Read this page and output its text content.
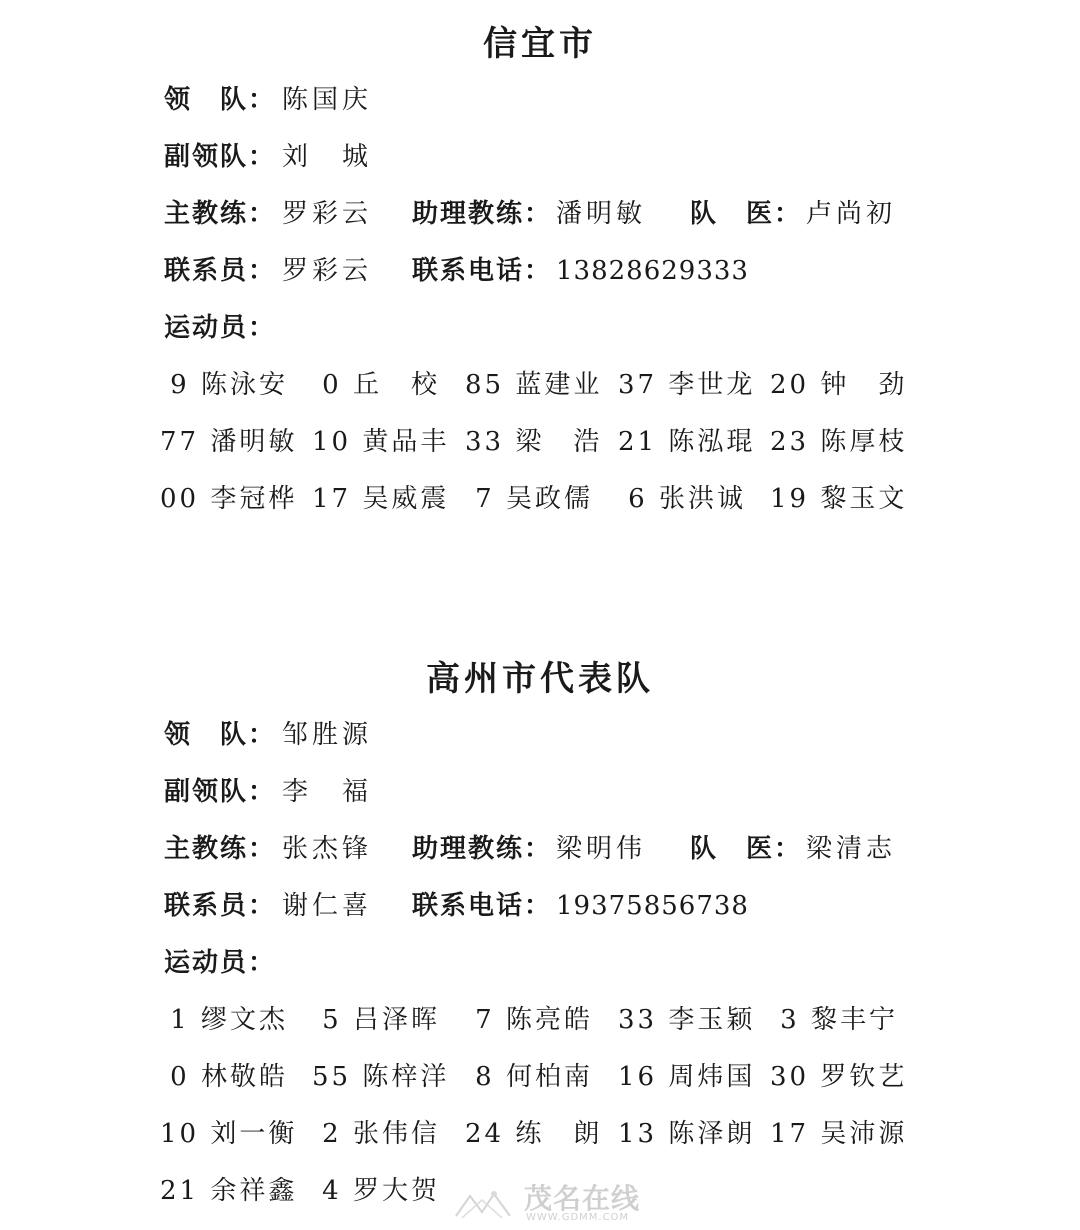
信宜市
领　队： 陈国庆
副领队： 刘　城
主教练： 罗彩云 助理教练： 潘明敏 队　医： 卢尚初
联系员： 罗彩云 联系电话： 13828629333
运动员：
9 陈泳安	0 丘　校 85 蓝建业 37 李世龙 20 钟　劲
77 潘明敏 10 黄品丰 33 梁　浩 21 陈泓琨 23 陈厚枝
00 李冠桦 17 吴威震 7 吴政儒	6 张洪诚 19 黎玉文
高州市代表队
领　队： 邹胜源
副领队： 李　福
主教练： 张杰锋 助理教练： 梁明伟 队　医： 梁清志
联系员： 谢仁喜 联系电话： 19375856738
运动员：
1 缪文杰	5 吕泽晖	7 陈亮皓 33 李玉颖 3 黎丰宁
0 林敬皓 55 陈梓洋 8 何柏南 16 周炜国 30 罗钦艺
10 刘一衡 2 张伟信 24 练　朗 13 陈泽朗 17 吴沛源
21 余祥鑫 4 罗大贺	茂名在线
WWW.GDMM.COM
